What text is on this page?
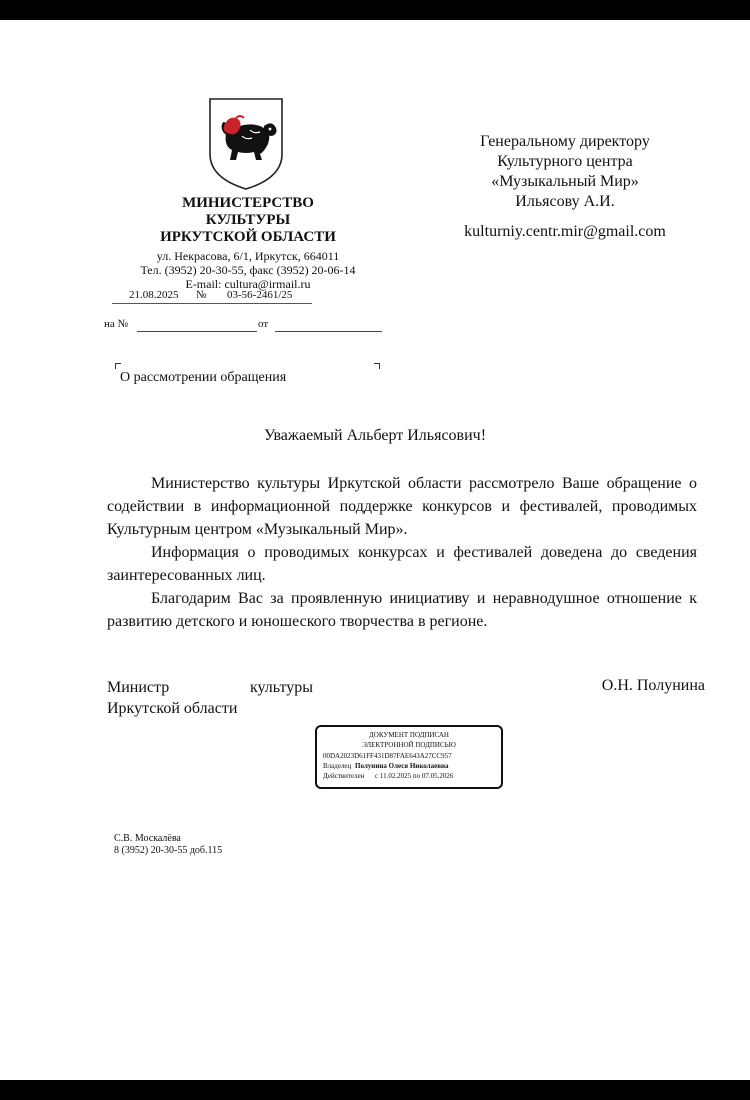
МИНИСТЕРСТВО
КУЛЬТУРЫ
ИРКУТСКОЙ ОБЛАСТИ
ул. Некрасова, 6/1, Иркутск, 664011
Тел. (3952) 20-30-55, факс (3952) 20-06-14
E-mail: cultura@irmail.ru
21.08.2025 № 03-56-2461/25
на №	от
О рассмотрении обращения
Генеральному директору
Культурного центра
«Музыкальный Мир»
Ильясову А.И.
kulturniy.centr.mir@gmail.com
Уважаемый Альберт Ильясович!

Министерство культуры Иркутской области рассмотрело Ваше обращение о содействии в информационной поддержке конкурсов и фестивалей, проводимых Культурным центром «Музыкальный Мир».

Информация о проводимых конкурсах и фестивалей доведена до сведения заинтересованных лиц.

Благодарим Вас за проявленную инициативу и неравнодушное отношение к развитию детского и юношеского творчества в регионе.

Министр	культуры
Иркутской области
О.Н. Полунина
ДОКУМЕНТ ПОДПИСАН
ЭЛЕКТРОННОЙ ПОДПИСЬЮ
00DA2023D61FF431D87FAE643A27CC957
Владелец Полунина Олеся Николаевна
Действителен с 11.02.2025 по 07.05.2026
С.В. Москалёва
8 (3952) 20-30-55 доб.115
